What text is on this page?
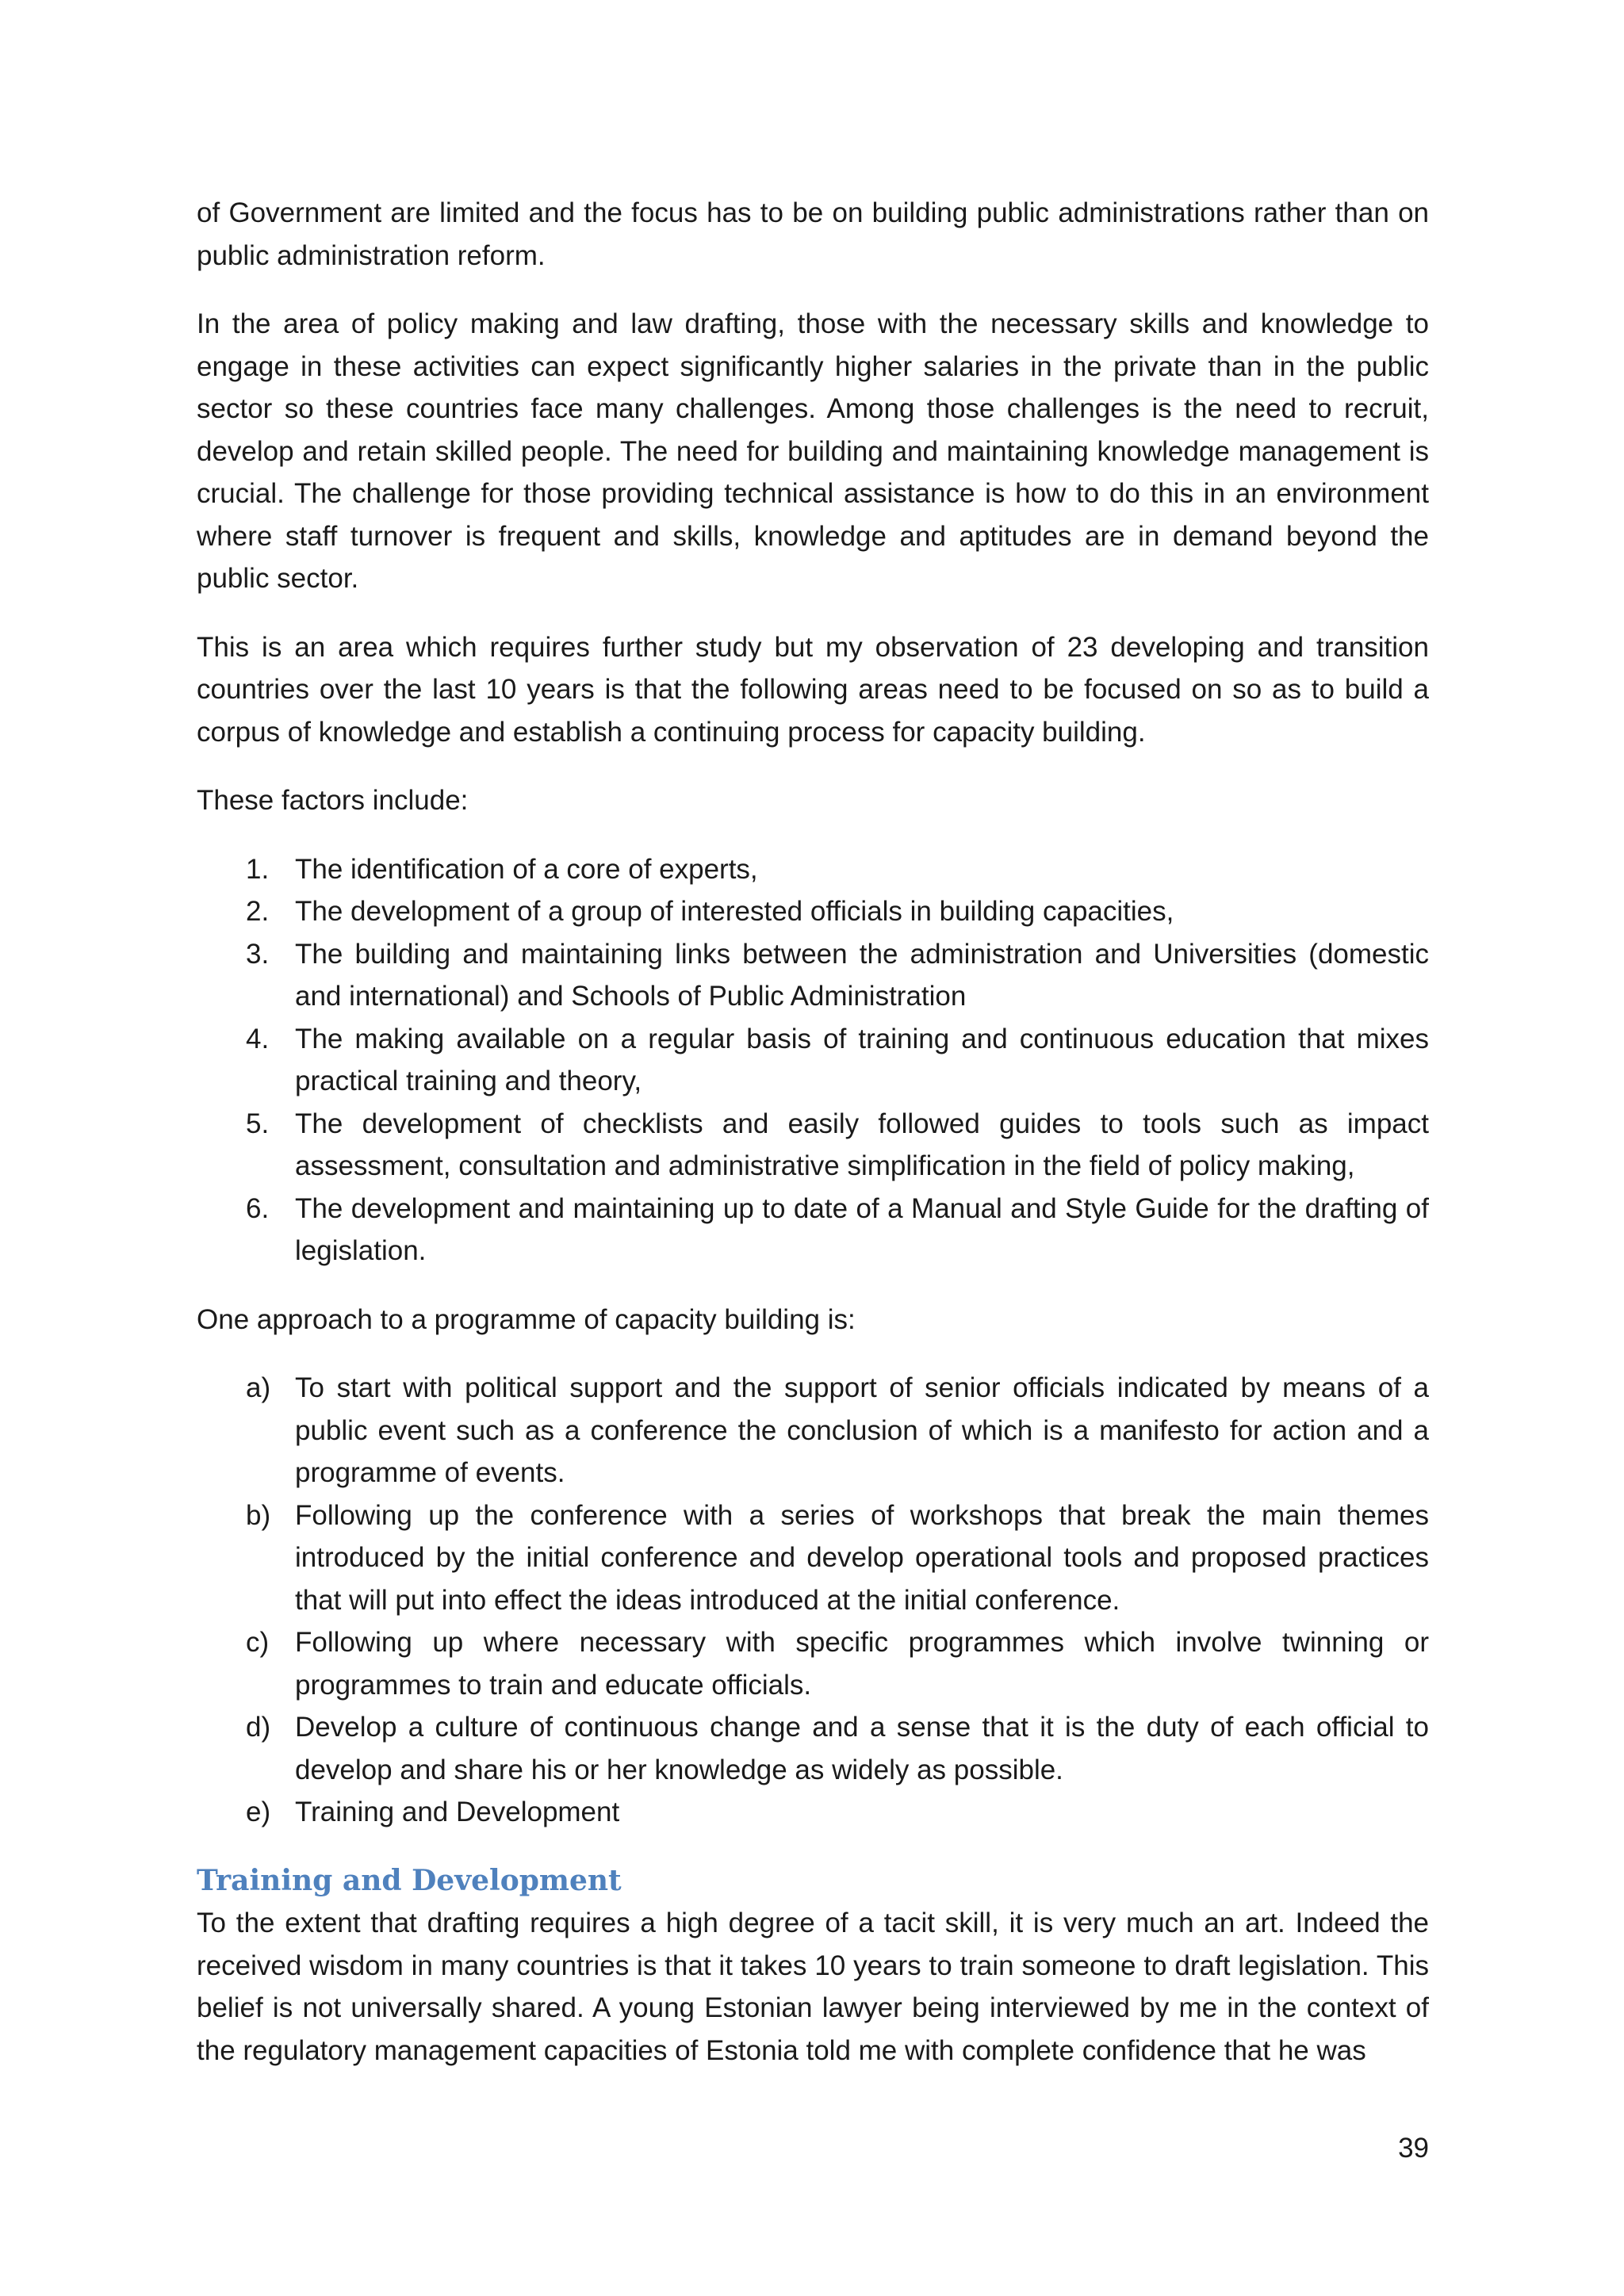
of Government are limited and the focus has to be on building public administrations rather than on public administration reform.

In the area of policy making and law drafting, those with the necessary skills and knowledge to engage in these activities can expect significantly higher salaries in the private than in the public sector so these countries face many challenges. Among those challenges is the need to recruit, develop and retain skilled people. The need for building and maintaining knowledge management is crucial. The challenge for those providing technical assistance is how to do this in an environment where staff turnover is frequent and skills, knowledge and aptitudes are in demand beyond the public sector.

This is an area which requires further study but my observation of 23 developing and transition countries over the last 10 years is that the following areas need to be focused on so as to build a corpus of knowledge and establish a continuing process for capacity building.

These factors include:

1. The identification of a core of experts,
2. The development of a group of interested officials in building capacities,
3. The building and maintaining links between the administration and Universities (domestic and international) and Schools of Public Administration
4. The making available on a regular basis of training and continuous education that mixes practical training and theory,
5. The development of checklists and easily followed guides to tools such as impact assessment, consultation and administrative simplification in the field of policy making,
6. The development and maintaining up to date of a Manual and Style Guide for the drafting of legislation.

One approach to a programme of capacity building is:

a) To start with political support and the support of senior officials indicated by means of a public event such as a conference the conclusion of which is a manifesto for action and a programme of events.
b) Following up the conference with a series of workshops that break the main themes introduced by the initial conference and develop operational tools and proposed practices that will put into effect the ideas introduced at the initial conference.
c) Following up where necessary with specific programmes which involve twinning or programmes to train and educate officials.
d) Develop a culture of continuous change and a sense that it is the duty of each official to develop and share his or her knowledge as widely as possible.
e) Training and Development
Training and Development

To the extent that drafting requires a high degree of a tacit skill, it is very much an art. Indeed the received wisdom in many countries is that it takes 10 years to train someone to draft legislation. This belief is not universally shared. A young Estonian lawyer being interviewed by me in the context of the regulatory management capacities of Estonia told me with complete confidence that he was

39
